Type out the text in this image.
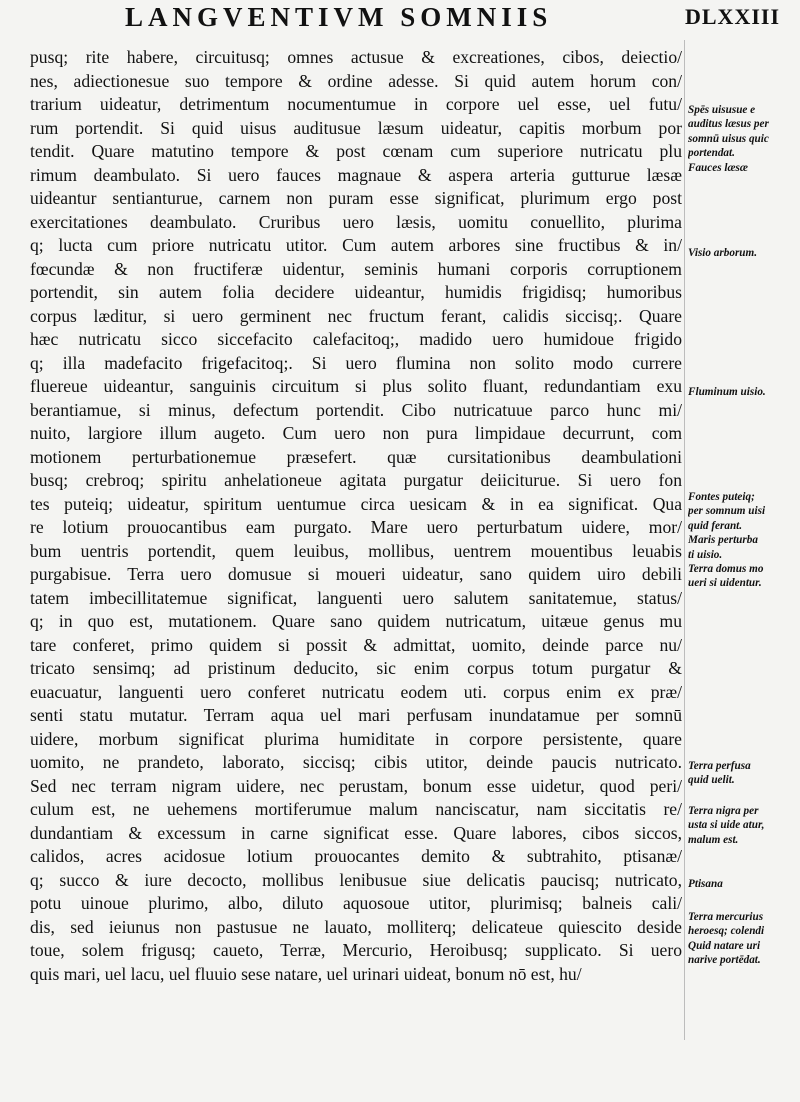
LANGVENTIVM SOMNIIS	DLXXIII
pusq; rite habere, circuitusq; omnes actusue & excreationes, cibos, deiectio/
nes, adiectionesue suo tempore & ordine adesse. Si quid autem horum con/
trarium uideatur, detrimentum nocumentumue in corpore uel esse, uel futu/
rum portendit. Si quid uisus auditusue læsum uideatur, capitis morbum por
tendit. Quare matutino tempore & post cœnam cum superiore nutricatu plu
rimum deambulato. Si uero fauces magnaue & aspera arteria gutturue læsæ
uideantur sentianturue, carnem non puram esse significat, plurimum ergo post
exercitationes deambulato. Cruribus uero læsis, uomitu conuellito, plurima
q; lucta cum priore nutricatu utitor. Cum autem arbores sine fructibus & in/
fœcundæ & non fructiferæ uidentur, seminis humani corporis corruptionem
portendit, sin autem folia decidere uideantur, humidis frigidisq; humoribus
corpus læditur, si uero germinent nec fructum ferant, calidis siccisq;. Quare
hæc nutricatu sicco siccefacito calefacitoq;, madido uero humidoue frigido
q; illa madefacito frigefacitoq;. Si uero flumina non solito modo currere
fluereue uideantur, sanguinis circuitum si plus solito fluant, redundantiam exu
berantiamue, si minus, defectum portendit. Cibo nutricatuue parco hunc mi/
nuito, largiore illum augeto. Cum uero non pura limpidaue decurrunt, com
motionem perturbationemue præsefert. quæ cursitationibus deambulationi
busq; crebroq; spiritu anhelationeue agitata purgatur deiiciturue. Si uero fon
tes puteiq; uideatur, spiritum uentumue circa uesicam & in ea significat. Qua
re lotium prouocantibus eam purgato. Mare uero perturbatum uidere, mor/
bum uentris portendit, quem leuibus, mollibus, uentrem mouentibus leuabis
purgabisue. Terra uero domusue si moueri uideatur, sano quidem uiro debili
tatem imbecillitatemue significat, languenti uero salutem sanitatemue, status/
q; in quo est, mutationem. Quare sano quidem nutricatum, uitæue genus mu
tare conferet, primo quidem si possit & admittat, uomito, deinde parce nu/
tricato sensimq; ad pristinum deducito, sic enim corpus totum purgatur &
euacuatur, languenti uero conferet nutricatu eodem uti. corpus enim ex præ/
senti statu mutatur. Terram aqua uel mari perfusam inundatamue per somnū
uidere, morbum significat plurima humiditate in corpore persistente, quare
uomito, ne prandeto, laborato, siccisq; cibis utitor, deinde paucis nutricato.
Sed nec terram nigram uidere, nec perustam, bonum esse uidetur, quod peri/
culum est, ne uehemens mortiferumue malum nanciscatur, nam siccitatis re/
dundantiam & excessum in carne significat esse. Quare labores, cibos siccos,
calidos, acres acidosue lotium prouocantes demito & subtrahito, ptisanæ/
q; succo & iure decocto, mollibus lenibusue siue delicatis paucisq; nutricato,
potu uinoue plurimo, albo, diluto aquosoue utitor, plurimisq; balneis cali/
dis, sed ieiunus non pastusue ne lauato, molliterq; delicateue quiescito deside
toue, solem frigusq; caueto, Terræ, Mercurio, Heroibusq; supplicato. Si uero
quis mari, uel lacu, uel fluuio sese natare, uel urinari uideat, bonum nō est, hu/
Spēs uisusue e
auditus læsus per
somnū uisus quic
portendat.
Fauces læsæ
Visio arborum.
Fluminum uisio.
Fontes puteiq;
per somnum uisi
quid ferant.
Maris perturba
ti uisio.
Terra domus mo
ueri si uidentur.
Terra perfusa
quid uelit.
Terra nigra per
usta si uide atur,
malum est.
Ptisana
Terra mercurius
heroesq; colendi
Quid natare uri
narive portēdat.
